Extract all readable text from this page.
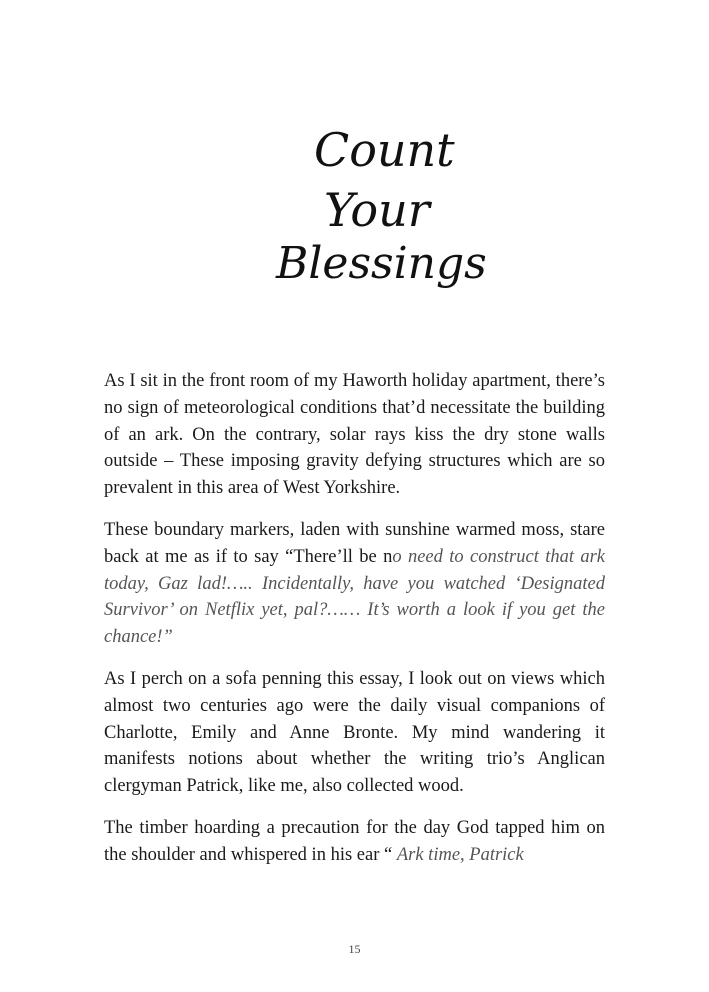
Count
Your
Blessings

As I sit in the front room of my Haworth holiday apartment, there’s no sign of meteorological conditions that’d necessitate the building of an ark. On the contrary, solar rays kiss the dry stone walls outside – These imposing gravity defying structures which are so prevalent in this area of West Yorkshire.

These boundary markers, laden with sunshine warmed moss, stare back at me as if to say “There’ll be no need to construct that ark today, Gaz lad!….. Incidentally, have you watched ‘Designated Survivor’ on Netflix yet, pal?…… It’s worth a look if you get the chance!”

As I perch on a sofa penning this essay, I look out on views which almost two centuries ago were the daily visual companions of Charlotte, Emily and Anne Bronte. My mind wandering it manifests notions about whether the writing trio’s Anglican clergyman Patrick, like me, also collected wood.

The timber hoarding a precaution for the day God tapped him on the shoulder and whispered in his ear “ Ark time, Patrick

15
